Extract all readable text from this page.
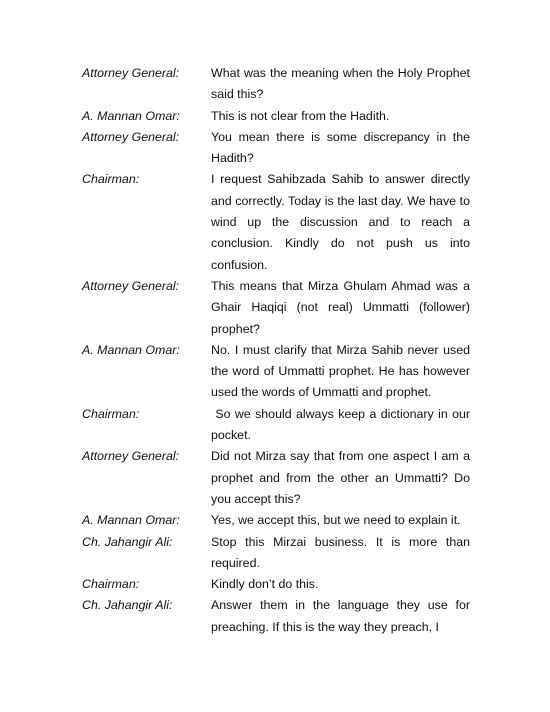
Attorney General:	What was the meaning when the Holy Prophet said this?
A. Mannan Omar:	This is not clear from the Hadith.
Attorney General:	You mean there is some discrepancy in the Hadith?
Chairman:	I request Sahibzada Sahib to answer directly and correctly. Today is the last day. We have to wind up the discussion and to reach a conclusion. Kindly do not push us into confusion.
Attorney General:	This means that Mirza Ghulam Ahmad was a Ghair Haqiqi (not real) Ummatti (follower) prophet?
A. Mannan Omar:	No. I must clarify that Mirza Sahib never used the word of Ummatti prophet. He has however used the words of Ummatti and prophet.
Chairman:	So we should always keep a dictionary in our pocket.
Attorney General:	Did not Mirza say that from one aspect I am a prophet and from the other an Ummatti? Do you accept this?
A. Mannan Omar:	Yes, we accept this, but we need to explain it.
Ch. Jahangir Ali:	Stop this Mirzai business. It is more than required.
Chairman:	Kindly don’t do this.
Ch. Jahangir Ali:	Answer them in the language they use for preaching. If this is the way they preach, I
